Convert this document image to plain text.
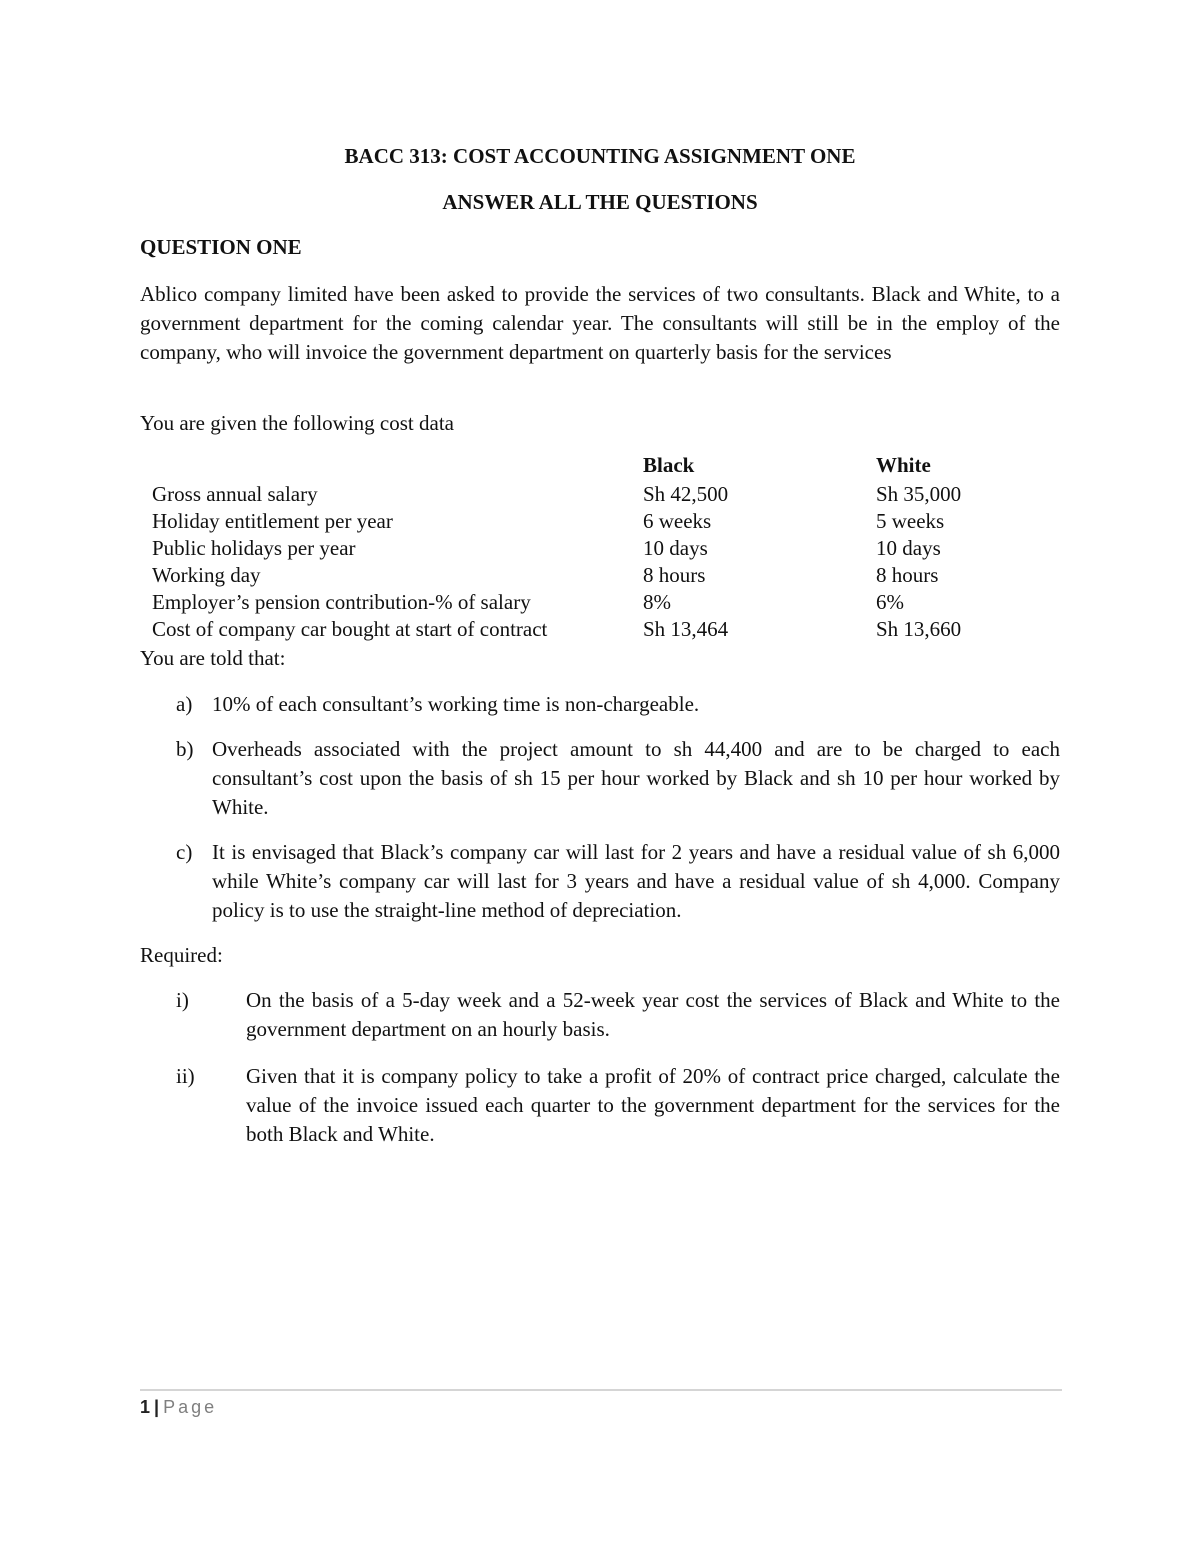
BACC 313: COST ACCOUNTING ASSIGNMENT ONE
ANSWER ALL THE QUESTIONS
QUESTION ONE
Ablico company limited have been asked to provide the services of two consultants. Black and White, to a government department for the coming calendar year. The consultants will still be in the employ of the company, who will invoice the government department on quarterly basis for the services
You are given the following cost data
	Black	White
Gross annual salary	Sh 42,500	Sh 35,000
Holiday entitlement per year	6 weeks	5 weeks
Public holidays per year	10 days	10 days
Working day	8 hours	8 hours
Employer’s pension contribution-% of salary	8%	6%
Cost of company car bought at start of contract	Sh 13,464	Sh 13,660
You are told that:
a) 10% of each consultant’s working time is non-chargeable.
b) Overheads associated with the project amount to sh 44,400 and are to be charged to each consultant’s cost upon the basis of sh 15 per hour worked by Black and sh 10 per hour worked by White.
c) It is envisaged that Black’s company car will last for 2 years and have a residual value of sh 6,000 while White’s company car will last for 3 years and have a residual value of sh 4,000. Company policy is to use the straight-line method of depreciation.
Required:
i)	On the basis of a 5-day week and a 52-week year cost the services of Black and White to the government department on an hourly basis.
ii) Given that it is company policy to take a profit of 20% of contract price charged, calculate the value of the invoice issued each quarter to the government department for the services for the both Black and White.
1 | Page
